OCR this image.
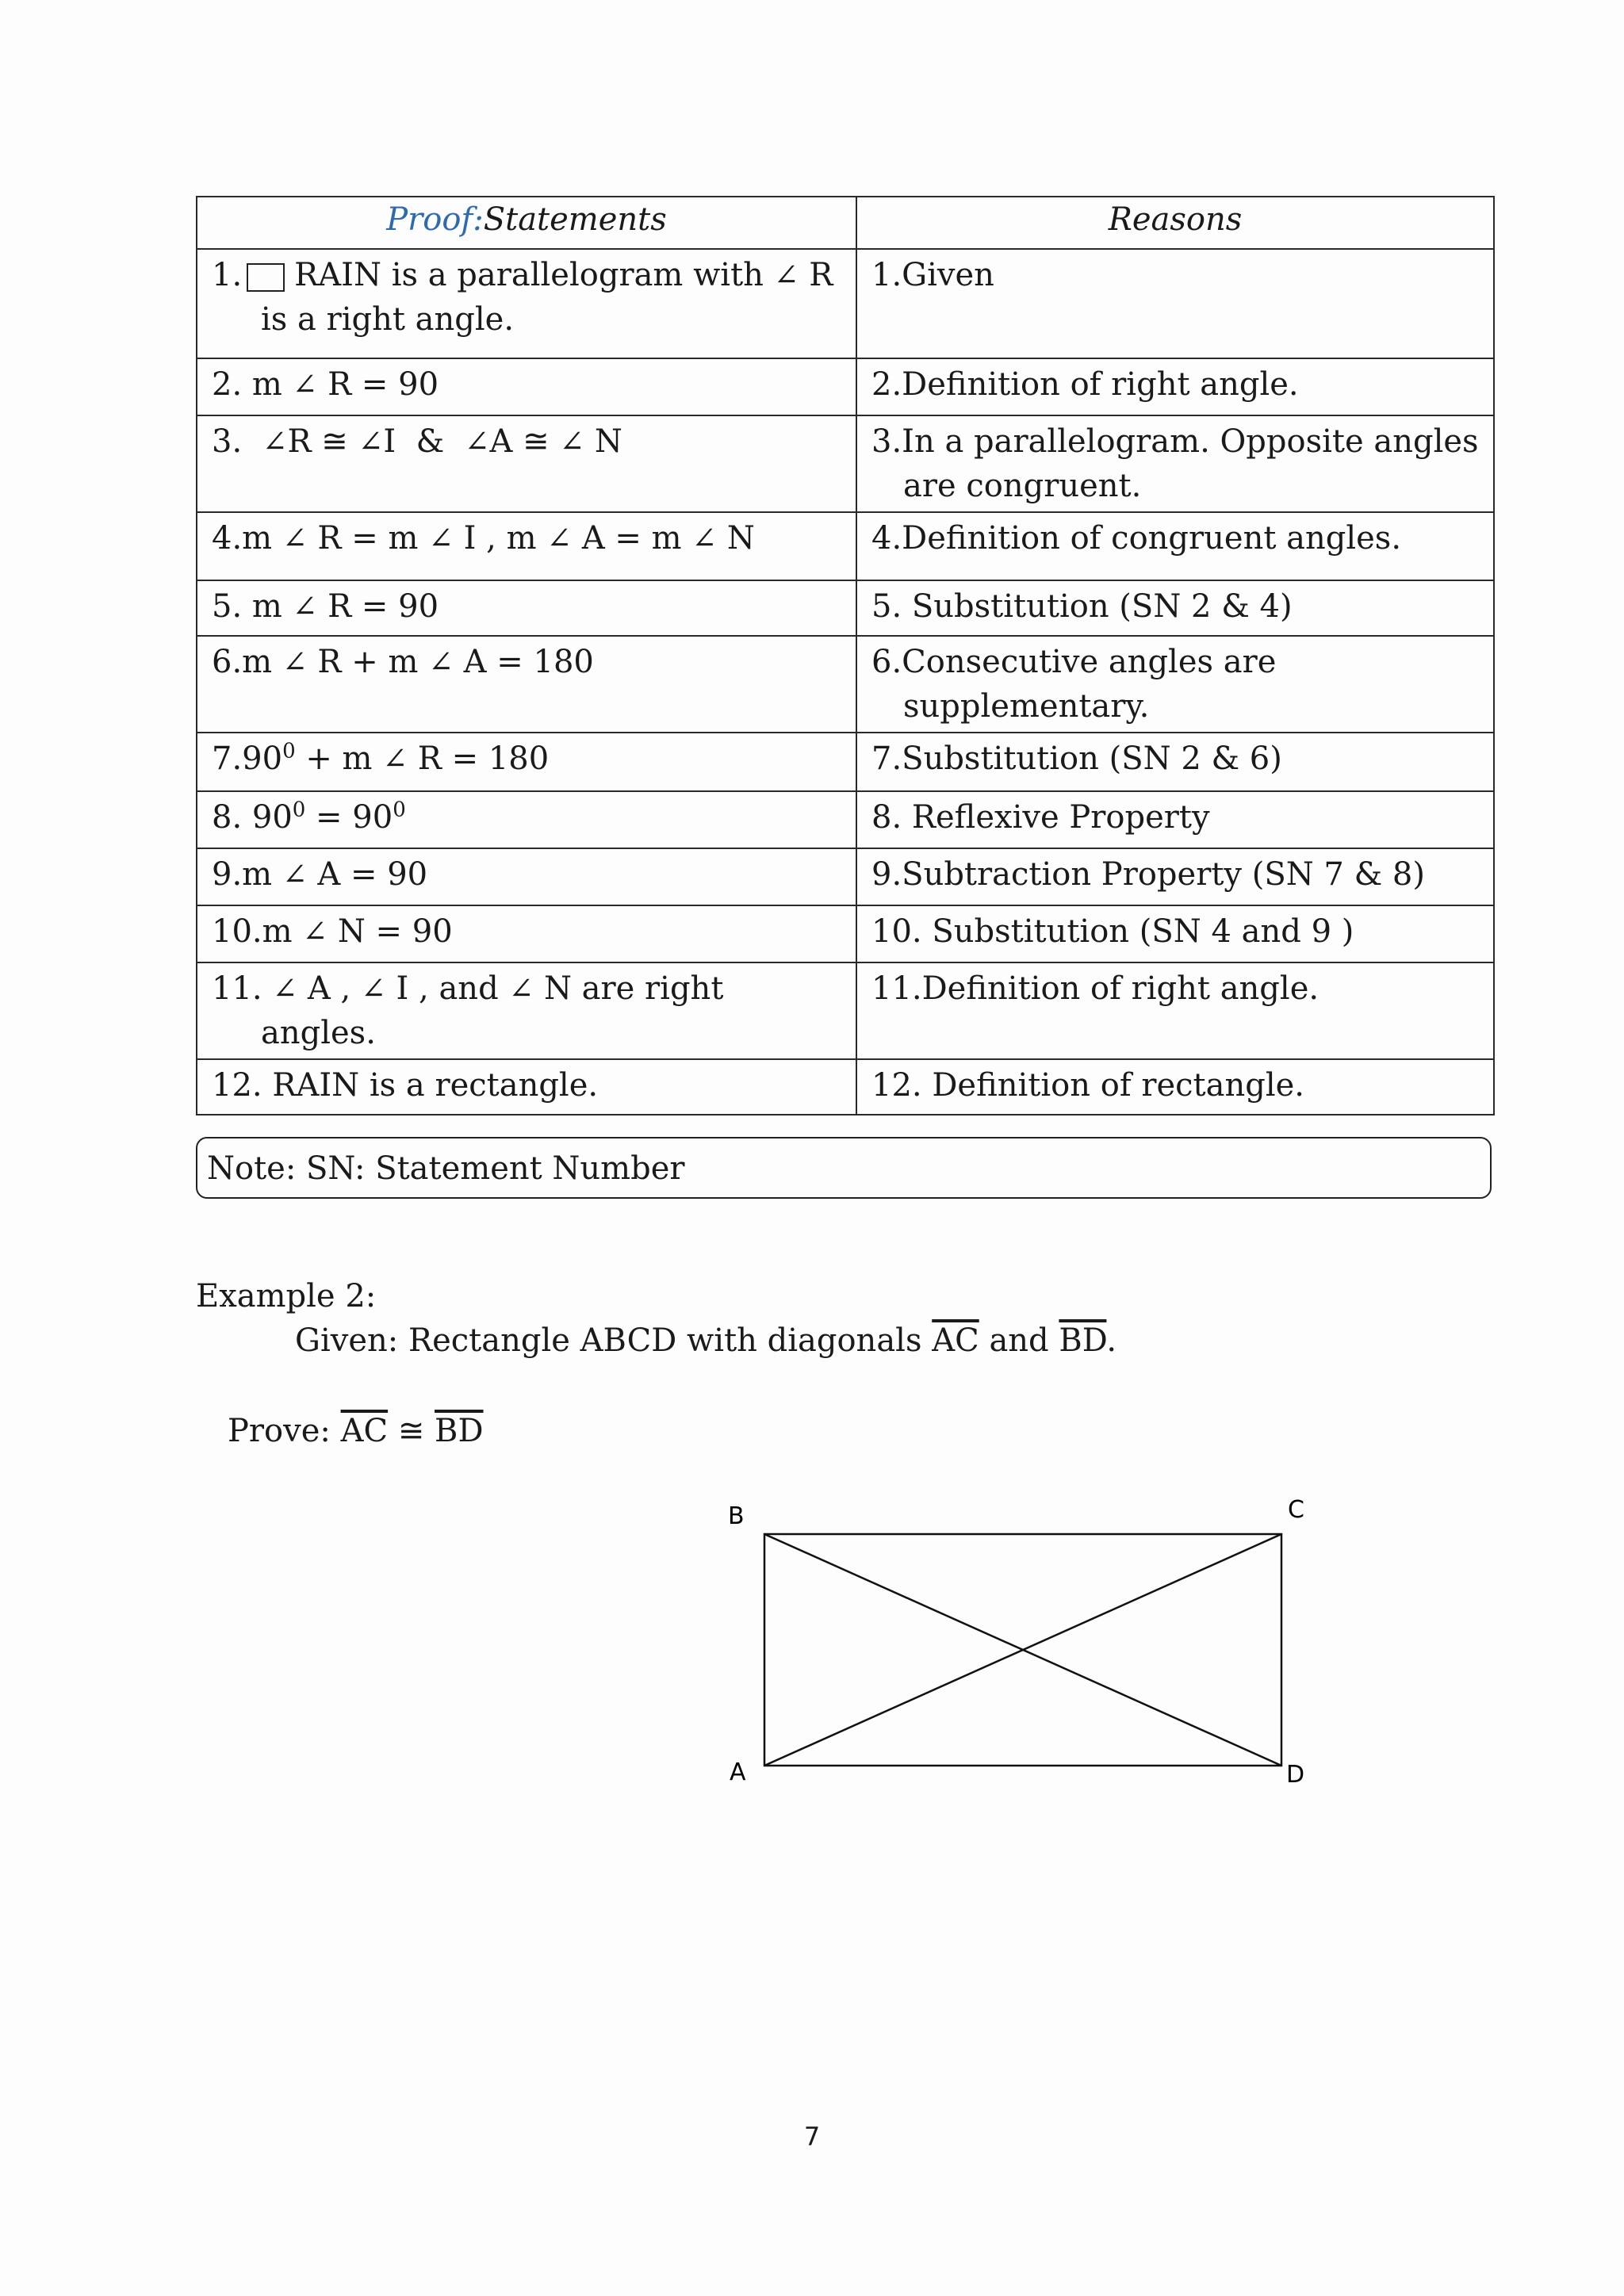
Proof:Statements	Reasons
1. RAIN is a parallelogram with ∠ R
is a right angle.	1.Given
2. m ∠ R = 90	2.Definition of right angle.
3. ∠R ≅ ∠I & ∠A ≅ ∠ N	3.In a parallelogram. Opposite angles
are congruent.

4.m ∠ R = m ∠ I , m ∠ A = m ∠ N	4.Definition of congruent angles.
5. m ∠ R = 90	5. Substitution (SN 2 & 4)
6.m ∠ R + m ∠ A = 180	6.Consecutive angles are
supplementary.

$7.90^0 + m$ ∠ R = 180	7.Substitution (SN 2 & 6)
8. $90^0 = 90^0$	8. Reflexive Property
9.m ∠ A = 90	9.Subtraction Property (SN 7 & 8)
10.m ∠ N = 90	10. Substitution (SN 4 and 9 )
11. ∠ A , ∠ I , and ∠ N are right
angles.	11.Definition of right angle.
12. RAIN is a rectangle.	12. Definition of rectangle.
Note: SN: Statement Number
Example 2:
Given: Rectangle ABCD with diagonals $\overline{AC}$ and $\overline{BD}$.
Prove: $\overline{AC}$ ≅ $\overline{BD}$
B	C
A	D
7
